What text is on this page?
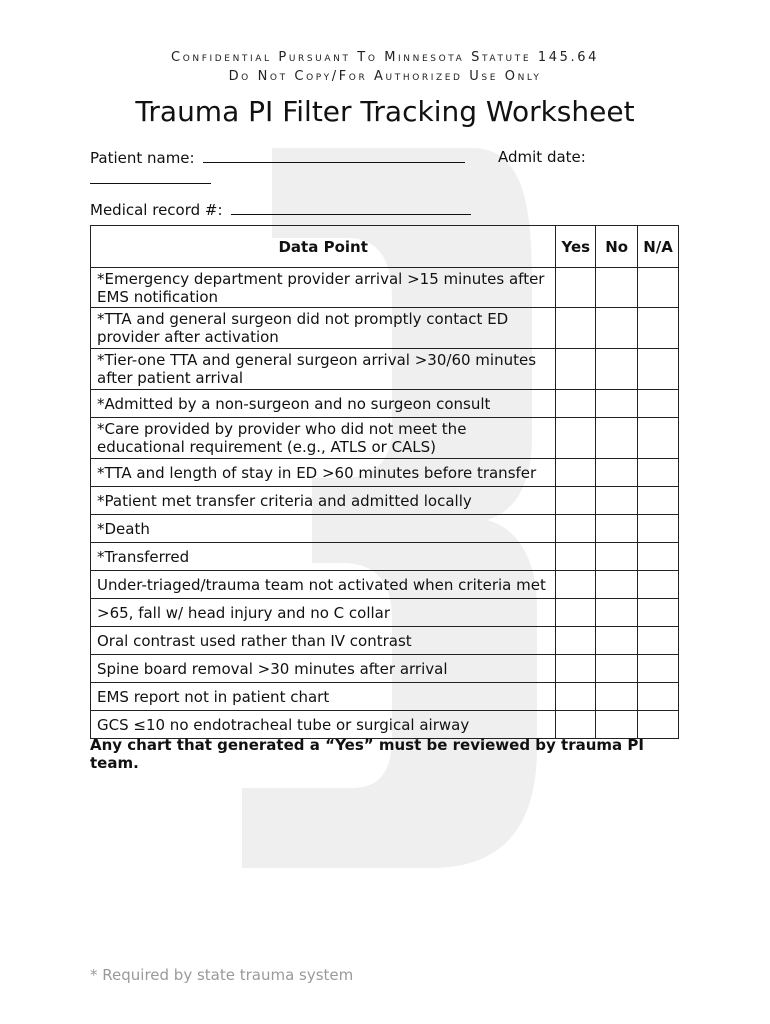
Confidential Pursuant To Minnesota Statute 145.64
Do Not Copy/For Authorized Use Only
Trauma PI Filter Tracking Worksheet
Patient name:	Admit date:
Medical record #:
Data Point	Yes	No	N/A
*Emergency department provider arrival >15 minutes after EMS notification			
*TTA and general surgeon did not promptly contact ED provider after activation			
*Tier-one TTA and general surgeon arrival >30/60 minutes after patient arrival			
*Admitted by a non-surgeon and no surgeon consult			
*Care provided by provider who did not meet the educational requirement (e.g., ATLS or CALS)			
*TTA and length of stay in ED >60 minutes before transfer			
*Patient met transfer criteria and admitted locally			
*Death			
*Transferred			
Under-triaged/trauma team not activated when criteria met			
>65, fall w/ head injury and no C collar			
Oral contrast used rather than IV contrast			
Spine board removal >30 minutes after arrival			
EMS report not in patient chart			
GCS ≤10 no endotracheal tube or surgical airway			
Any chart that generated a “Yes” must be reviewed by trauma PI team.
* Required by state trauma system
